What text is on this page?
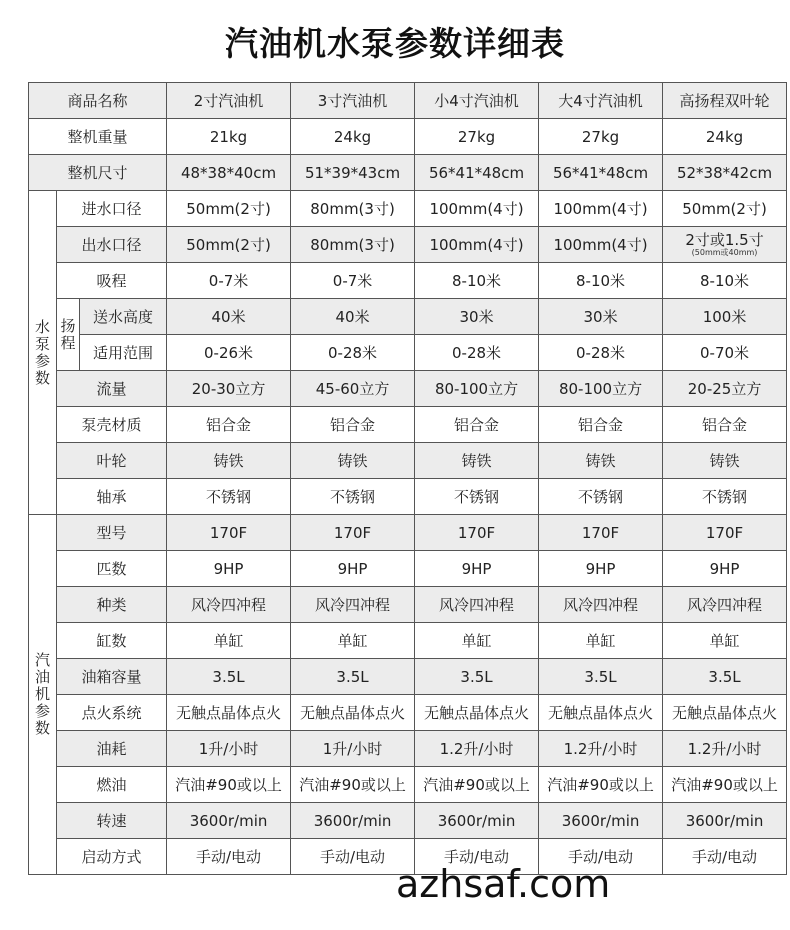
汽油机水泵参数详细表
商品名称			2寸汽油机	3寸汽油机	小4寸汽油机	大4寸汽油机	高扬程双叶轮
整机重量			21kg	24kg	27kg	27kg	24kg
整机尺寸			48*38*40cm	51*39*43cm	56*41*48cm	56*41*48cm	52*38*42cm

水泵参数	进水口径		50mm(2寸)	80mm(3寸)	100mm(4寸)	100mm(4寸)	50mm(2寸)
	出水口径		50mm(2寸)	80mm(3寸)	100mm(4寸)	100mm(4寸)	2寸或1.5寸
(50mm或40mm)

	吸程		0-7米	0-7米	8-10米	8-10米	8-10米

	扬程	送水高度	40米	40米	30米	30米	100米
		适用范围	0-26米	0-28米	0-28米	0-28米	0-70米
	流量		20-30立方	45-60立方	80-100立方	80-100立方	20-25立方
	泵壳材质		铝合金	铝合金	铝合金	铝合金	铝合金
	叶轮		铸铁	铸铁	铸铁	铸铁	铸铁
	轴承		不锈钢	不锈钢	不锈钢	不锈钢	不锈钢

汽油机参数	型号		170F	170F	170F	170F	170F
	匹数		9HP	9HP	9HP	9HP	9HP
	种类		风冷四冲程	风冷四冲程	风冷四冲程	风冷四冲程	风冷四冲程
	缸数		单缸	单缸	单缸	单缸	单缸
	油箱容量		3.5L	3.5L	3.5L	3.5L	3.5L
	点火系统		无触点晶体点火	无触点晶体点火	无触点晶体点火	无触点晶体点火	无触点晶体点火
	油耗		1升/小时	1升/小时	1.2升/小时	1.2升/小时	1.2升/小时
	燃油		汽油#90或以上	汽油#90或以上	汽油#90或以上	汽油#90或以上	汽油#90或以上
	转速		3600r/min	3600r/min	3600r/min	3600r/min	3600r/min
	启动方式		手动/电动	手动/电动	手动/电动	手动/电动	手动/电动
azhsaf.com
